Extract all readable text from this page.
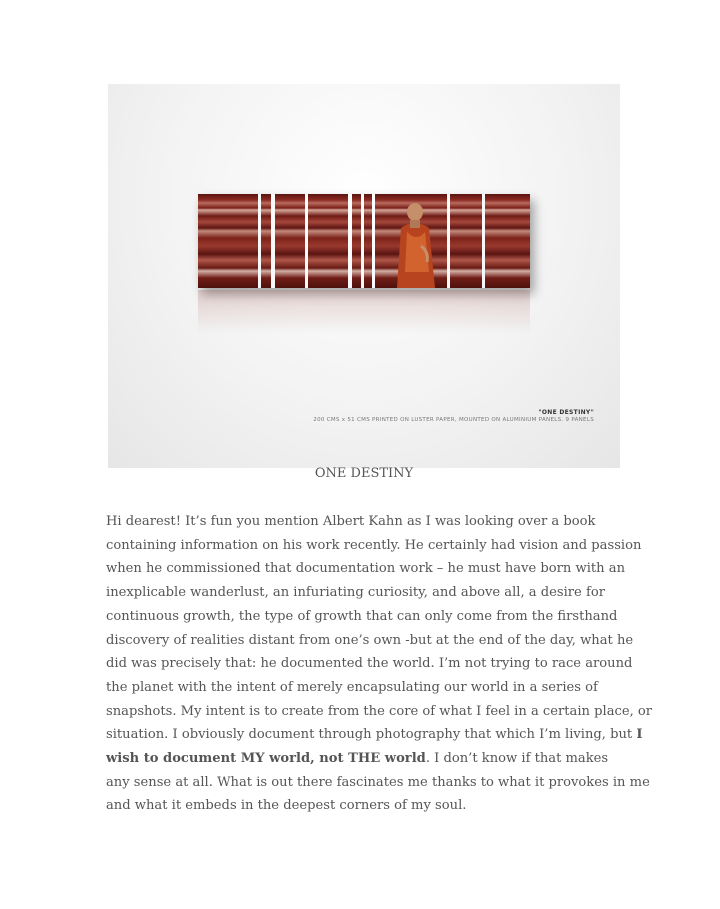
"ONE DESTINY"
200 CMS x 51 CMS PRINTED ON LUSTER PAPER, MOUNTED ON ALUMINIUM PANELS. 9 PANELS
ONE DESTINY

Hi dearest! It’s fun you mention Albert Kahn as I was looking over a book
containing information on his work recently. He certainly had vision and passion
when he commissioned that documentation work – he must have born with an
inexplicable wanderlust, an infuriating curiosity, and above all, a desire for
continuous growth, the type of growth that can only come from the firsthand
discovery of realities distant from one’s own -but at the end of the day, what he
did was precisely that: he documented the world. I’m not trying to race around
the planet with the intent of merely encapsulating our world in a series of
snapshots. My intent is to create from the core of what I feel in a certain place, or
situation. I obviously document through photography that which I’m living, but I
wish to document MY world, not THE world. I don’t know if that makes
any sense at all. What is out there fascinates me thanks to what it provokes in me
and what it embeds in the deepest corners of my soul.
